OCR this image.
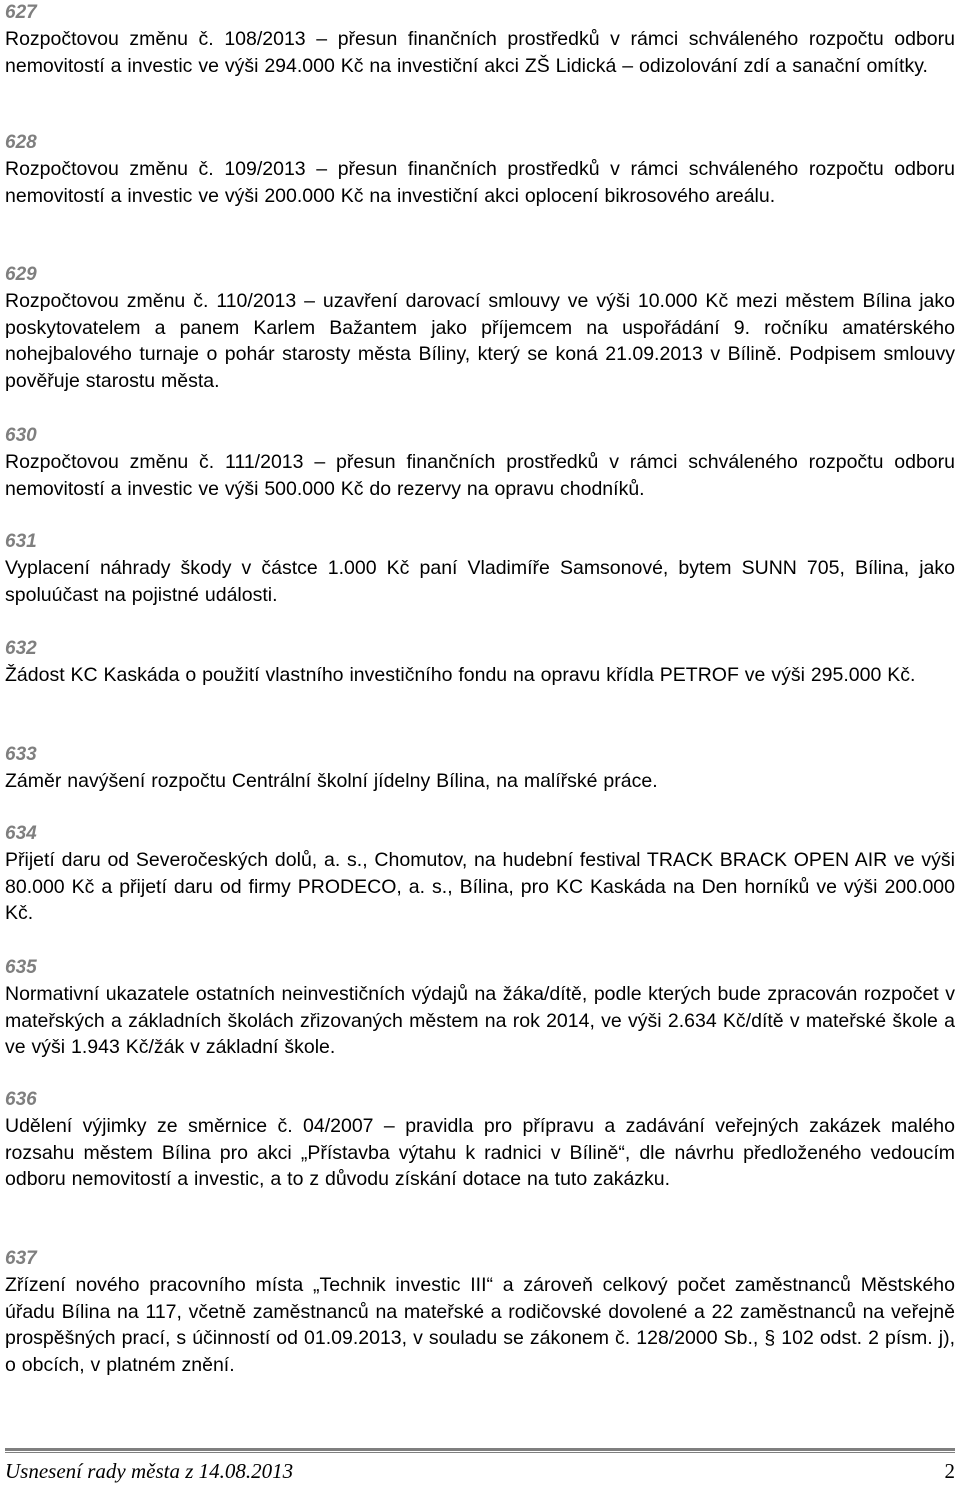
627
Rozpočtovou změnu č. 108/2013 – přesun finančních prostředků v rámci schváleného rozpočtu odboru nemovitostí a investic ve výši 294.000 Kč na investiční akci ZŠ Lidická – odizolování zdí a sanační omítky.
628
Rozpočtovou změnu č. 109/2013 – přesun finančních prostředků v rámci schváleného rozpočtu odboru nemovitostí a investic ve výši 200.000 Kč na investiční akci oplocení bikrosového areálu.
629
Rozpočtovou změnu č. 110/2013 – uzavření darovací smlouvy ve výši 10.000 Kč mezi městem Bílina jako poskytovatelem a panem Karlem Bažantem jako příjemcem na uspořádání 9. ročníku amatérského nohejbalového turnaje o pohár starosty města Bíliny, který se koná 21.09.2013 v Bílině. Podpisem smlouvy pověřuje starostu města.
630
Rozpočtovou změnu č. 111/2013 – přesun finančních prostředků v rámci schváleného rozpočtu odboru nemovitostí a investic ve výši 500.000 Kč do rezervy na opravu chodníků.
631
Vyplacení náhrady škody v částce 1.000 Kč paní Vladimíře Samsonové, bytem SUNN 705, Bílina, jako spoluúčast na pojistné události.
632
Žádost KC Kaskáda o použití vlastního investičního fondu na opravu křídla PETROF ve výši 295.000 Kč.
633
Záměr navýšení rozpočtu Centrální školní jídelny Bílina, na malířské práce.
634
Přijetí daru od Severočeských dolů, a. s., Chomutov, na hudební festival TRACK BRACK OPEN AIR ve výši 80.000 Kč a přijetí daru od firmy PRODECO, a. s., Bílina, pro KC Kaskáda na Den horníků ve výši 200.000 Kč.
635
Normativní ukazatele ostatních neinvestičních výdajů na žáka/dítě, podle kterých bude zpracován rozpočet v mateřských a základních školách zřizovaných městem na rok 2014, ve výši 2.634 Kč/dítě v mateřské škole a ve výši 1.943 Kč/žák v základní škole.
636
Udělení výjimky ze směrnice č. 04/2007 – pravidla pro přípravu a zadávání veřejných zakázek malého rozsahu městem Bílina pro akci „Přístavba výtahu k radnici v Bílině“, dle návrhu předloženého vedoucím odboru nemovitostí a investic, a to z důvodu získání dotace na tuto zakázku.
637
Zřízení nového pracovního místa „Technik investic III“ a zároveň celkový počet zaměstnanců Městského úřadu Bílina na 117, včetně zaměstnanců na mateřské a rodičovské dovolené a 22 zaměstnanců na veřejně prospěšných prací, s účinností od 01.09.2013, v souladu se zákonem č. 128/2000 Sb., § 102 odst. 2 písm. j), o obcích, v platném znění.
Usnesení rady města z 14.08.2013	2
